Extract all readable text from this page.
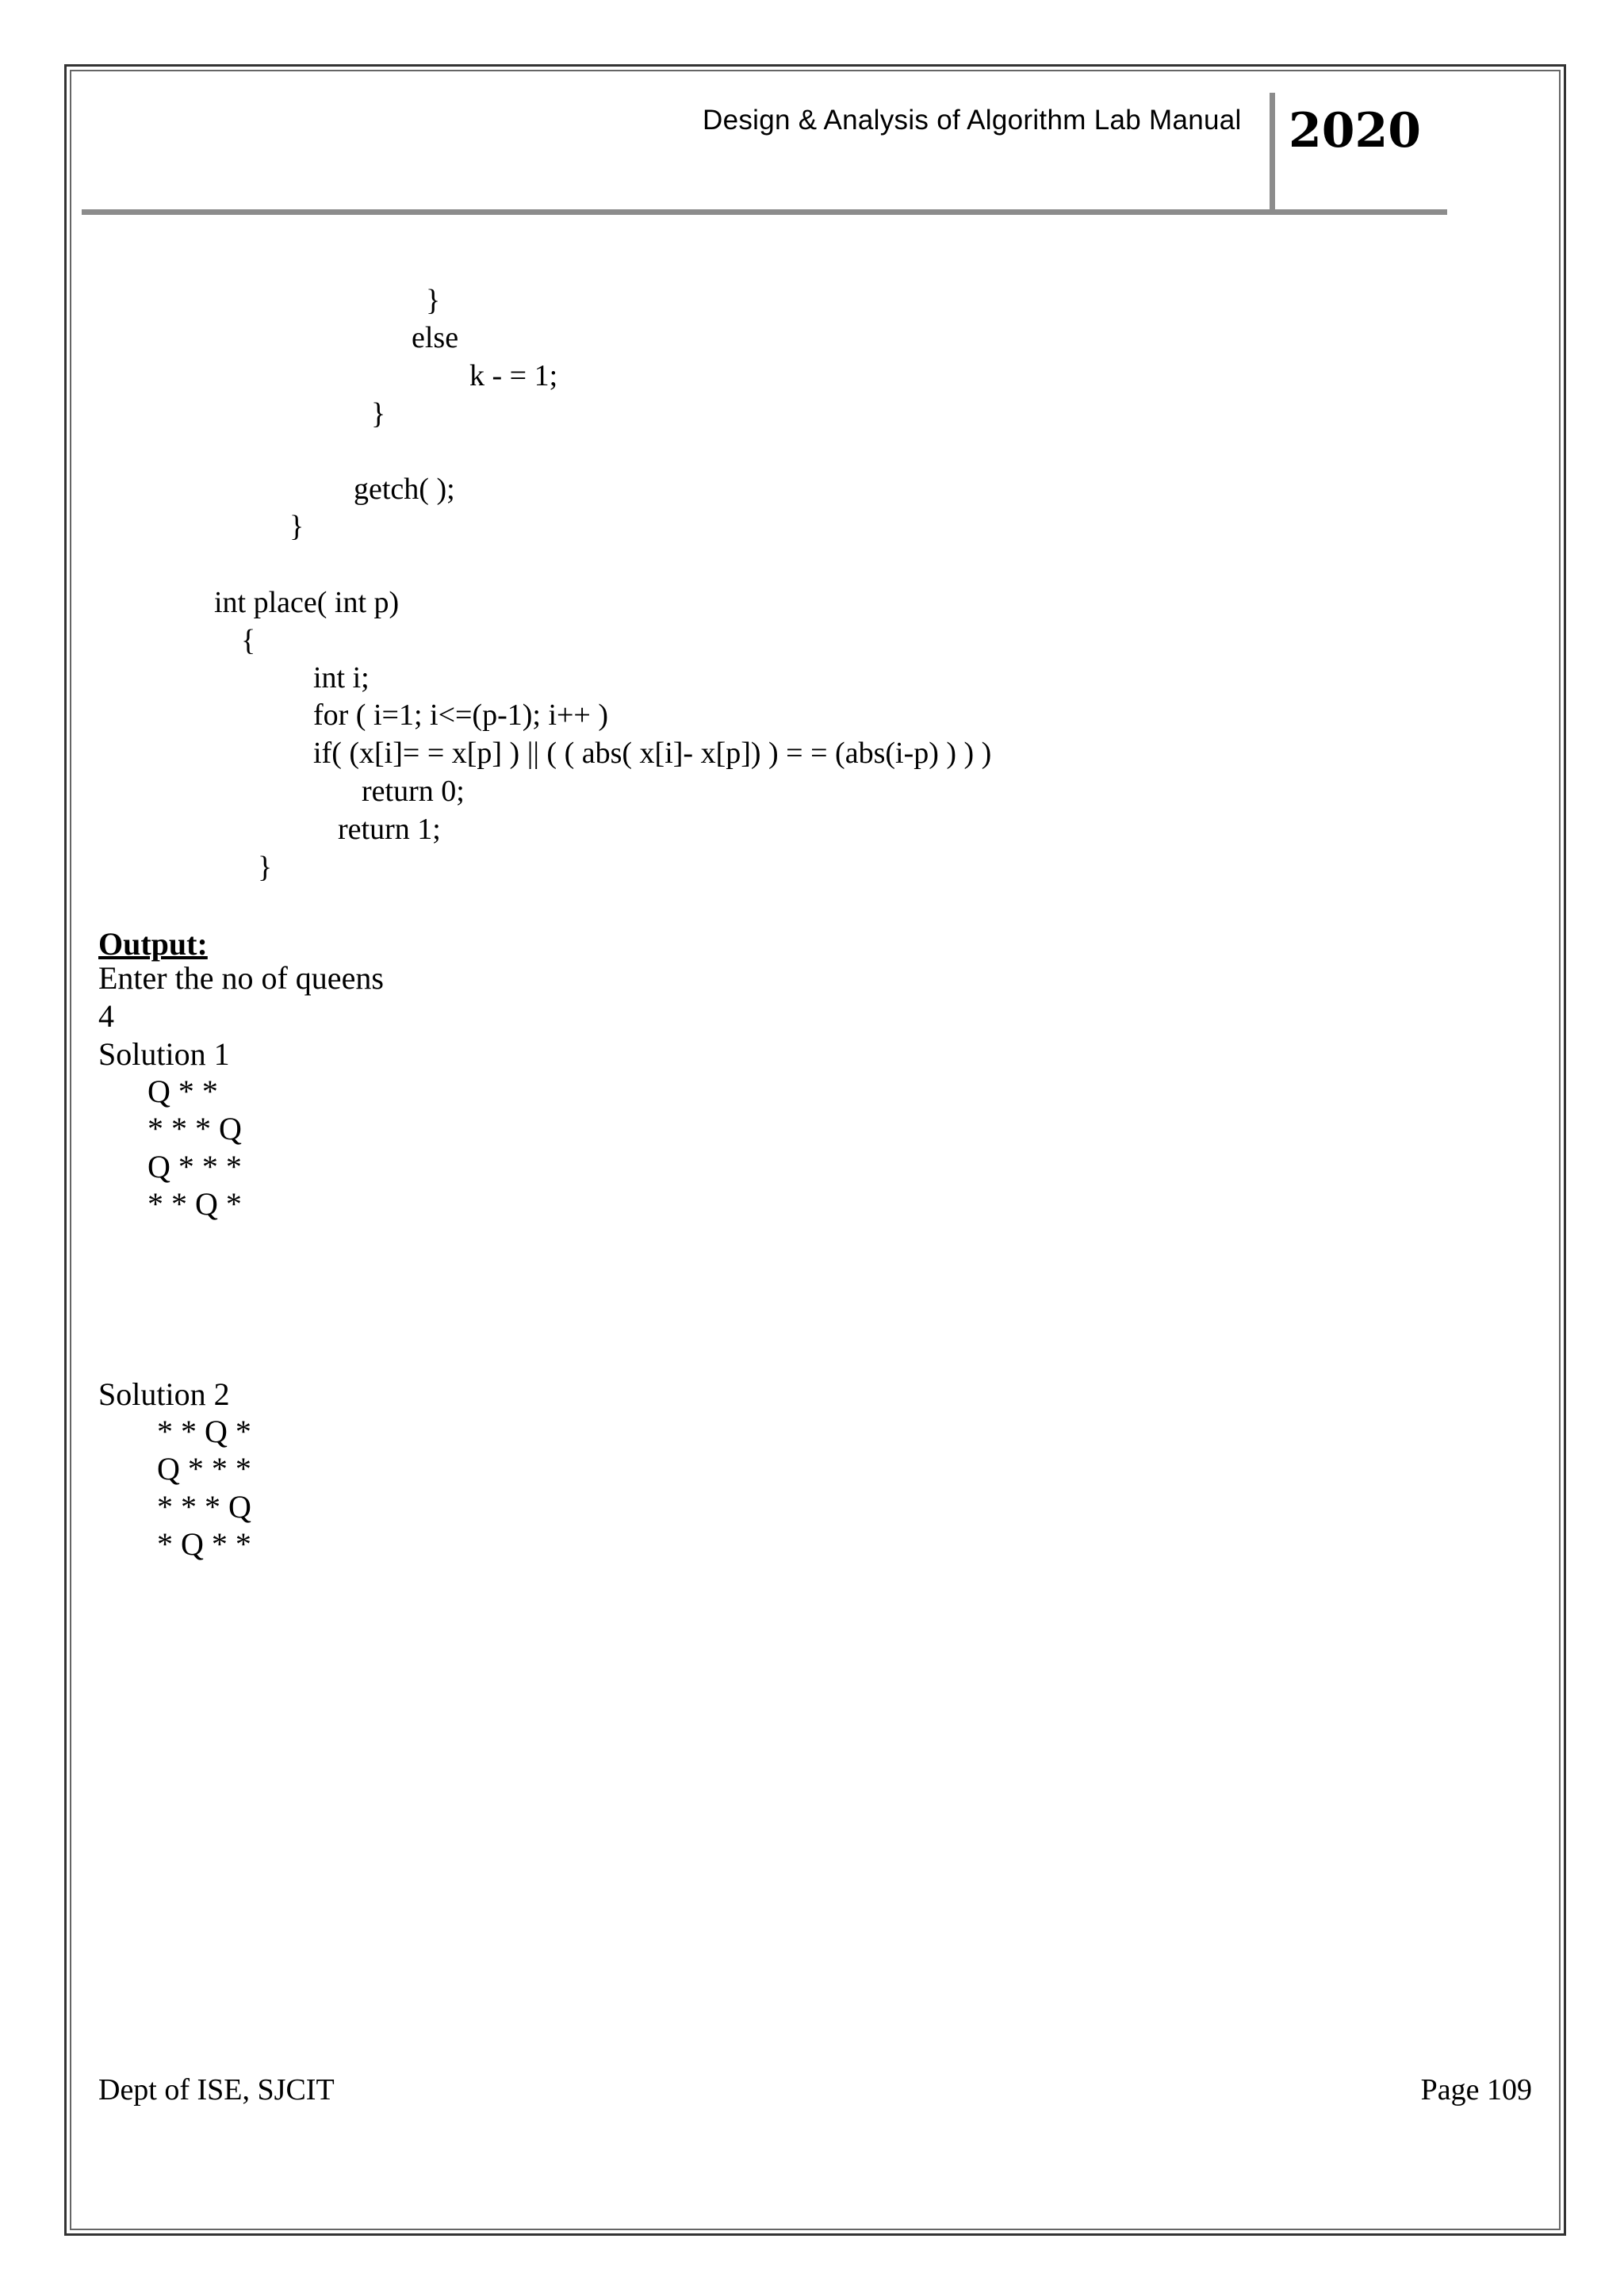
Design & Analysis of Algorithm Lab Manual 2020
}
else
k - = 1;
}
getch( );
}
int place( int p)
{
int i;
for ( i=1; i<=(p-1); i++ )
if( (x[i]= = x[p] ) || ( ( abs( x[i]- x[p]) ) = = (abs(i-p) ) ) )
return 0;
return 1;
}
Output:
Enter the no of queens
4
Solution 1
Q * *
* * * Q
Q * * *
* * Q *
Solution 2
* * Q *
Q * * *
* * * Q
* Q * *
Dept of ISE, SJCIT	Page 109
